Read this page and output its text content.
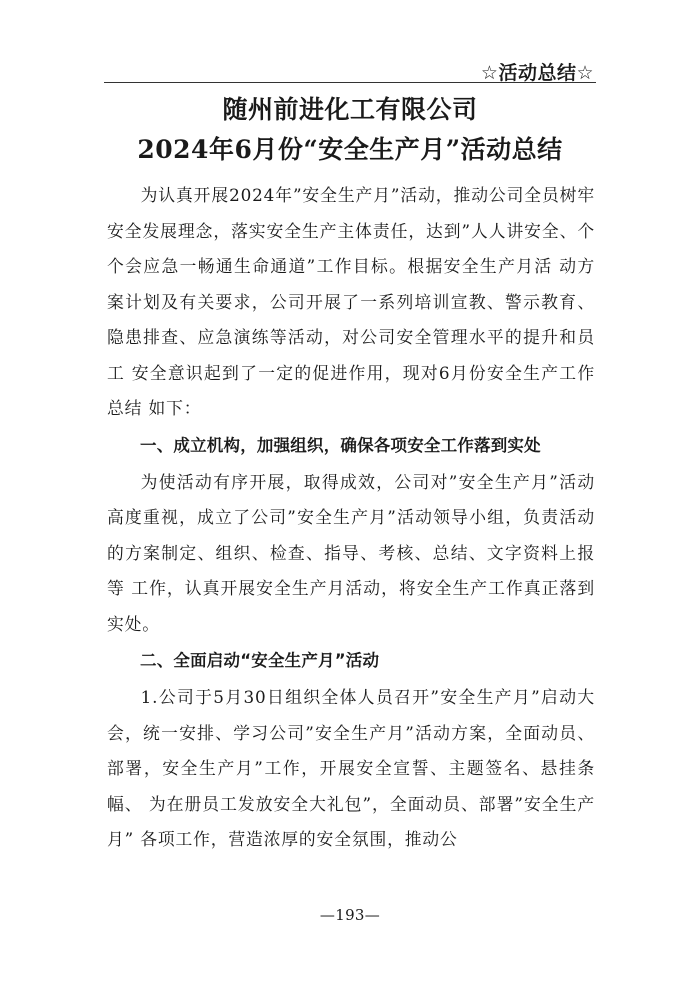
☆活动总结☆
随州前进化工有限公司
2024年6月份“安全生产月”活动总结

为认真开展2024年”安全生产月”活动，推动公司全员树牢安全发展理念，落实安全生产主体责任，达到”人人讲安全、个个会应急一畅通生命通道”工作目标。根据安全生产月活 动方案计划及有关要求，公司开展了一系列培训宣教、警示教育、 隐患排查、应急演练等活动，对公司安全管理水平的提升和员工 安全意识起到了一定的促进作用，现对6月份安全生产工作总结 如下：

一、成立机构，加强组织，确保各项安全工作落到实处

为使活动有序开展，取得成效，公司对”安全生产月”活动 高度重视，成立了公司”安全生产月”活动领导小组，负责活动 的方案制定、组织、检查、指导、考核、总结、文字资料上报等 工作，认真开展安全生产月活动，将安全生产工作真正落到实处。

二、全面启动“安全生产月”活动

1.公司于5月30日组织全体人员召开”安全生产月”启动大会，统一安排、学习公司”安全生产月”活动方案，全面动员、 部署，安全生产月”工作，开展安全宣誓、主题签名、悬挂条幅、 为在册员工发放安全大礼包”，全面动员、部署”安全生产月” 各项工作，营造浓厚的安全氛围，推动公

—193—
